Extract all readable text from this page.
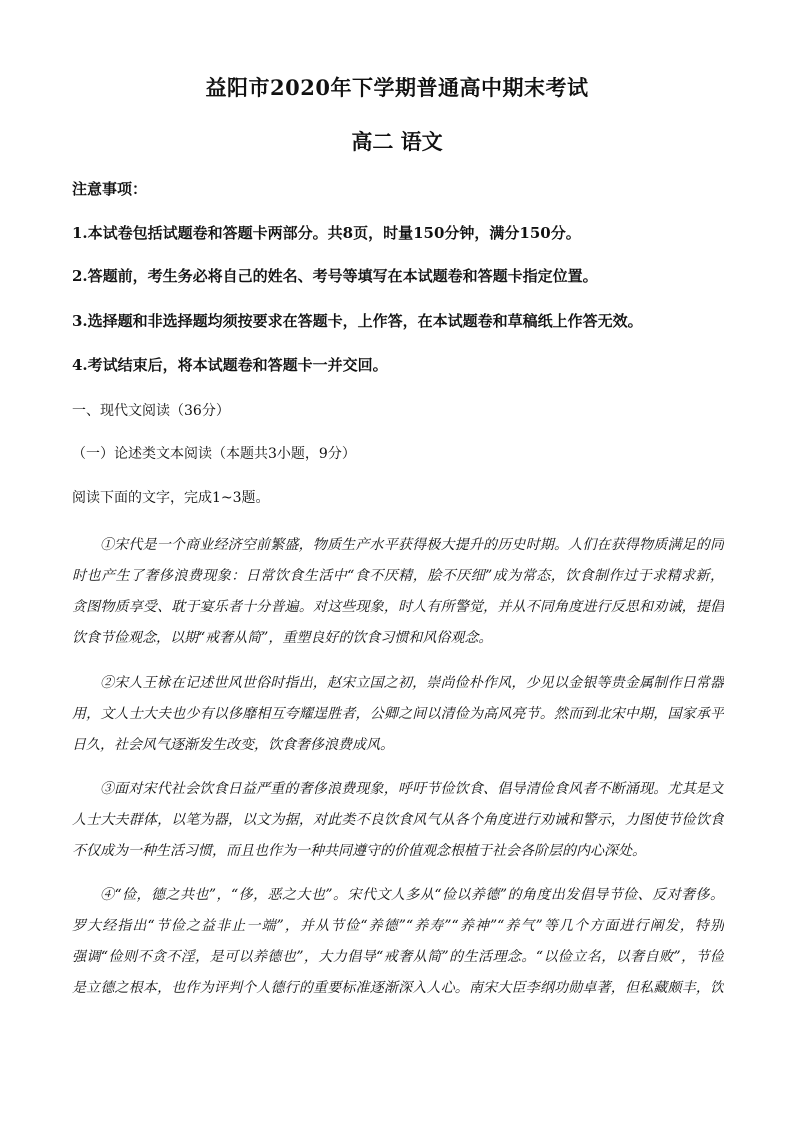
益阳市2020年下学期普通高中期末考试
高二 语文
注意事项：
1.本试卷包括试题卷和答题卡两部分。共8页，时量150分钟，满分150分。
2.答题前，考生务必将自己的姓名、考号等填写在本试题卷和答题卡指定位置。
3.选择题和非选择题均须按要求在答题卡，上作答，在本试题卷和草稿纸上作答无效。
4.考试结束后，将本试题卷和答题卡一并交回。
一、现代文阅读（36分）
（一）论述类文本阅读（本题共3小题，9分）
阅读下面的文字，完成1~3题。
①宋代是一个商业经济空前繁盛，物质生产水平获得极大提升的历史时期。人们在获得物质满足的同
时也产生了奢侈浪费现象：日常饮食生活中“食不厌精，脍不厌细”成为常态，饮食制作过于求精求新，
贪图物质享受、耽于宴乐者十分普遍。对这些现象，时人有所警觉，并从不同角度进行反思和劝诫，提倡
饮食节俭观念，以期“戒奢从简”，重塑良好的饮食习惯和风俗观念。
②宋人王栐在记述世风世俗时指出，赵宋立国之初，崇尚俭朴作风，少见以金银等贵金属制作日常器
用，文人士大夫也少有以侈靡相互夸耀逞胜者，公卿之间以清俭为高风亮节。然而到北宋中期，国家承平
日久，社会风气逐渐发生改变，饮食奢侈浪费成风。
③面对宋代社会饮食日益严重的奢侈浪费现象，呼吁节俭饮食、倡导清俭食风者不断涌现。尤其是文
人士大夫群体，以笔为器，以文为据，对此类不良饮食风气从各个角度进行劝诫和警示，力图使节俭饮食
不仅成为一种生活习惯，而且也作为一种共同遵守的价值观念根植于社会各阶层的内心深处。
④“俭，德之共也”，“侈，恶之大也”。宋代文人多从“俭以养德”的角度出发倡导节俭、反对奢侈。
罗大经指出“节俭之益非止一端”，并从节俭“养德”“养寿”“养神”“养气”等几个方面进行阐发，特别
强调“俭则不贪不淫，是可以养德也”，大力倡导“戒奢从简”的生活理念。“以俭立名，以奢自败”，节俭
是立德之根本，也作为评判个人德行的重要标准逐渐深入人心。南宋大臣李纲功勋卓著，但私藏颇丰，饮
